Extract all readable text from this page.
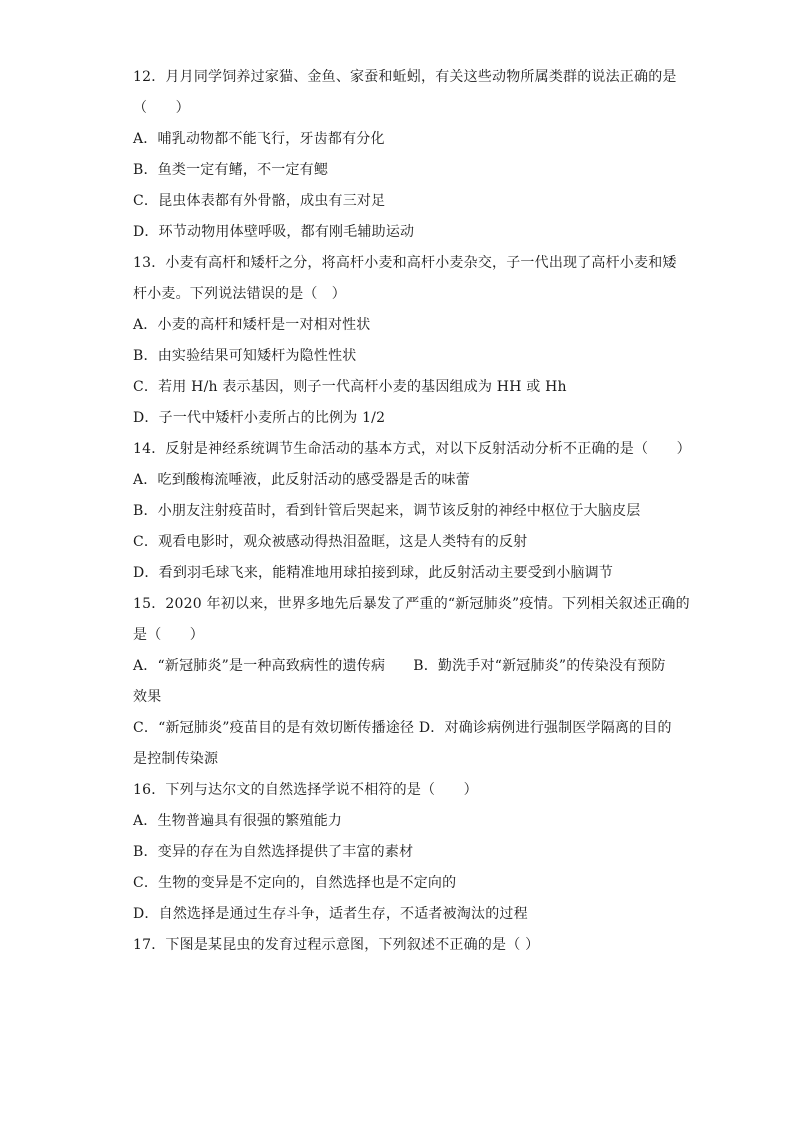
12．月月同学饲养过家猫、金鱼、家蚕和蚯蚓，有关这些动物所属类群的说法正确的是
（　　）
A．哺乳动物都不能飞行，牙齿都有分化
B．鱼类一定有鳍，不一定有鳃
C．昆虫体表都有外骨骼，成虫有三对足
D．环节动物用体壁呼吸，都有刚毛辅助运动
13．小麦有高杆和矮杆之分，将高杆小麦和高杆小麦杂交，子一代出现了高杆小麦和矮
杆小麦。下列说法错误的是（　）
A．小麦的高杆和矮杆是一对相对性状
B．由实验结果可知矮杆为隐性性状
C．若用 H/h 表示基因，则子一代高杆小麦的基因组成为 HH 或 Hh
D．子一代中矮杆小麦所占的比例为 1/2
14．反射是神经系统调节生命活动的基本方式，对以下反射活动分析不正确的是（　　）
A．吃到酸梅流唾液，此反射活动的感受器是舌的味蕾
B．小朋友注射疫苗时，看到针管后哭起来，调节该反射的神经中枢位于大脑皮层
C．观看电影时，观众被感动得热泪盈眶，这是人类特有的反射
D．看到羽毛球飞来，能精准地用球拍接到球，此反射活动主要受到小脑调节
15．2020 年初以来，世界多地先后暴发了严重的“新冠肺炎”疫情。下列相关叙述正确的
是（　　）
A．“新冠肺炎”是一种高致病性的遗传病 B．勤洗手对“新冠肺炎”的传染没有预防
效果
C．“新冠肺炎”疫苗目的是有效切断传播途径 D．对确诊病例进行强制医学隔离的目的
是控制传染源
16．下列与达尔文的自然选择学说不相符的是（　　）
A．生物普遍具有很强的繁殖能力
B．变异的存在为自然选择提供了丰富的素材
C．生物的变异是不定向的，自然选择也是不定向的
D．自然选择是通过生存斗争，适者生存，不适者被淘汰的过程
17．下图是某昆虫的发育过程示意图，下列叙述不正确的是（ ）
